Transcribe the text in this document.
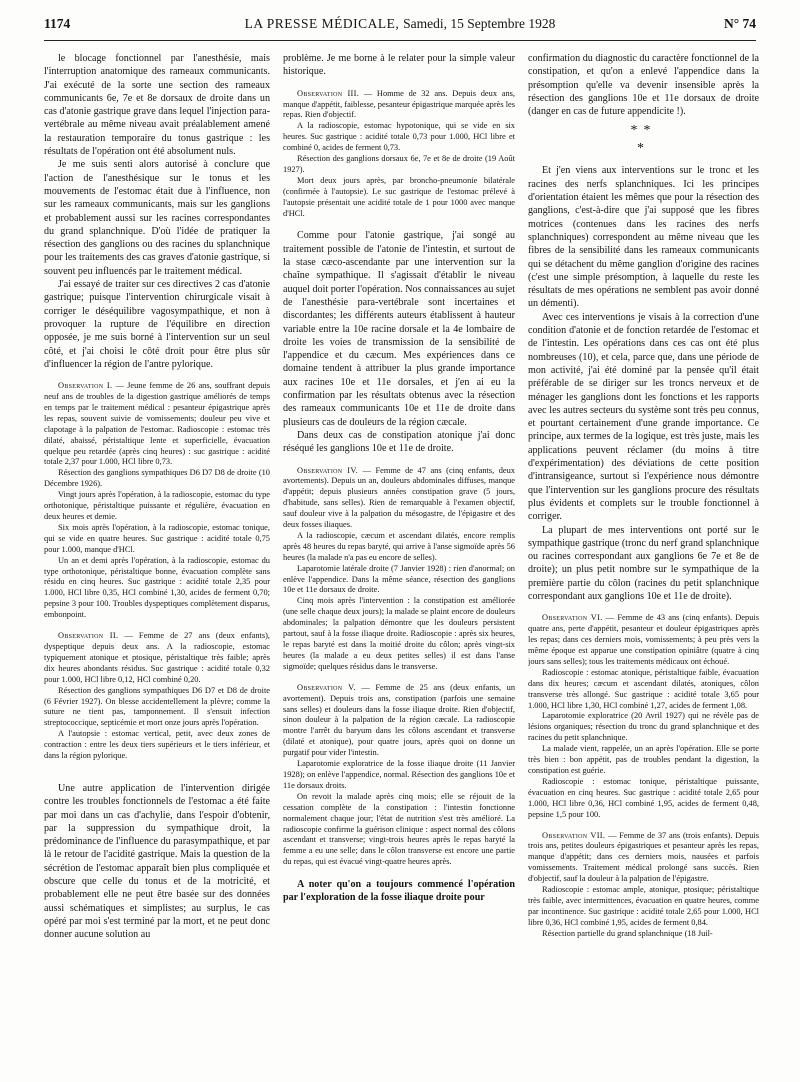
1174	LA PRESSE MÉDICALE, Samedi, 15 Septembre 1928	N° 74

le blocage fonctionnel par l'anesthésie, mais l'interruption anatomique des rameaux communicants. J'ai exécuté de la sorte une section des rameaux communicants 6e, 7e et 8e dorsaux de droite dans un cas d'atonie gastrique grave dans lequel l'injection para-vertébrale au même niveau avait préalablement amené la restauration temporaire du tonus gastrique : les résultats de l'opération ont été absolument nuls.

Je me suis senti alors autorisé à conclure que l'action de l'anesthésique sur le tonus et les mouvements de l'estomac était due à l'influence, non sur les rameaux communicants, mais sur les ganglions et probablement aussi sur les racines correspondantes du grand splanchnique. D'où l'idée de pratiquer la résection des ganglions ou des racines du splanchnique pour les traitements des cas graves d'atonie gastrique, si souvent peu influencés par le traitement médical.

J'ai essayé de traiter sur ces directives 2 cas d'atonie gastrique; puisque l'intervention chirurgicale visait à corriger le déséquilibre vagosympathique, et non à provoquer la rupture de l'équilibre en direction opposée, je me suis borné à l'intervention sur un seul côté, et j'ai choisi le côté droit pour être plus sûr d'influencer la région de l'antre pylorique.

Observation I. — Jeune femme de 26 ans, souffrant depuis neuf ans de troubles de la digestion gastrique améliorés de temps en temps par le traitement médical : pesanteur épigastrique après les repas, souvent suivie de vomissements; douleur peu vive et clapotage à la palpation de l'estomac. Radioscopie : estomac très dilaté, abaissé, péristaltique lente et superficielle, évacuation quelque peu retardée (après cinq heures) : suc gastrique : acidité totale 2,37 pour 1.000, HCl libre 0,73.

Résection des ganglions sympathiques D6 D7 D8 de droite (10 Décembre 1926).

Vingt jours après l'opération, à la radioscopie, estomac du type orthotonique, péristaltique puissante et régulière, évacuation en deux heures et demie.

Six mois après l'opération, à la radioscopie, estomac tonique, qui se vide en quatre heures. Suc gastrique : acidité totale 0,75 pour 1.000, manque d'HCl.

Un an et demi après l'opération, à la radioscopie, estomac du type orthotonique, péristaltique bonne, évacuation complète sans résidu en cinq heures. Suc gastrique : acidité totale 2,35 pour 1.000, HCl libre 0,35, HCl combiné 1,30, acides de ferment 0,70; pepsine 3 pour 100. Troubles dyspeptiques complètement disparus, embonpoint.

Observation II. — Femme de 27 ans (deux enfants), dyspeptique depuis deux ans. A la radioscopie, estomac typiquement atonique et ptosique, péristaltique très faible; après dix heures abondants résidus. Suc gastrique : acidité totale 0,32 pour 1.000, HCl libre 0,12, HCl combiné 0,20.

Résection des ganglions sympathiques D6 D7 et D8 de droite (6 Février 1927). On blesse accidentellement la plèvre; comme la suture ne tient pas, tamponnement. Il s'ensuit infection streptococcique, septicémie et mort onze jours après l'opération.

A l'autopsie : estomac vertical, petit, avec deux zones de contraction : entre les deux tiers supérieurs et le tiers inférieur, et dans la région pylorique.

Une autre application de l'intervention dirigée contre les troubles fonctionnels de l'estomac a été faite par moi dans un cas d'achylie, dans l'espoir d'obtenir, par la suppression du sympathique droit, la prédominance de l'influence du parasympathique, et par là le retour de l'acidité gastrique. Mais la question de la sécrétion de l'estomac apparaît bien plus compliquée et obscure que celle du tonus et de la motricité, et probablement elle ne peut être basée sur des données aussi schématiques et simplistes; au surplus, le cas opéré par moi s'est terminé par la mort, et ne peut donc donner aucune solution au

problème. Je me borne à le relater pour la simple valeur historique.

Observation III. — Homme de 32 ans. Depuis deux ans, manque d'appétit, faiblesse, pesanteur épigastrique marquée après les repas. Rien d'objectif.

A la radioscopie, estomac hypotonique, qui se vide en six heures. Suc gastrique : acidité totale 0,73 pour 1.000, HCl libre et combiné 0, acides de ferment 0,73.

Résection des ganglions dorsaux 6e, 7e et 8e de droite (19 Août 1927).

Mort deux jours après, par broncho-pneumonie bilatérale (confirmée à l'autopsie). Le suc gastrique de l'estomac prélevé à l'autopsie présentait une acidité totale de 1 pour 1000 avec manque d'HCl.

Comme pour l'atonie gastrique, j'ai songé au traitement possible de l'atonie de l'intestin, et surtout de la stase cæco-ascendante par une intervention sur la chaîne sympathique. Il s'agissait d'établir le niveau auquel doit porter l'opération. Nos connaissances au sujet de l'anesthésie para-vertébrale sont incertaines et discordantes; les différents auteurs établissent à hauteur variable entre la 10e racine dorsale et la 4e lombaire de droite les voies de transmission de la sensibilité de l'appendice et du cæcum. Mes expériences dans ce domaine tendent à attribuer la plus grande importance aux racines 10e et 11e dorsales, et j'en ai eu la confirmation par les résultats obtenus avec la résection des rameaux communicants 10e et 11e de droite dans plusieurs cas de douleurs de la région cæcale.

Dans deux cas de constipation atonique j'ai donc réséqué les ganglions 10e et 11e de droite.

Observation IV. — Femme de 47 ans (cinq enfants, deux avortements). Depuis un an, douleurs abdominales diffuses, manque d'appétit; depuis plusieurs années constipation grave (5 jours, d'habitude, sans selles). Rien de remarquable à l'examen objectif, sauf douleur vive à la palpation du mésogastre, de l'épigastre et des deux fosses iliaques.

A la radioscopie, cæcum et ascendant dilatés, encore remplis après 48 heures du repas baryté, qui arrive à l'anse sigmoïde après 56 heures (la malade n'a pas eu encore de selles).

Laparotomie latérale droite (7 Janvier 1928) : rien d'anormal; on enlève l'appendice. Dans la même séance, résection des ganglions 10e et 11e dorsaux de droite.

Cinq mois après l'intervention : la constipation est améliorée (une selle chaque deux jours); la malade se plaint encore de douleurs abdominales; la palpation démontre que les douleurs persistent partout, sauf à la fosse iliaque droite. Radioscopie : après six heures, le repas baryté est dans la moitié droite du côlon; après vingt-six heures (la malade a eu deux petites selles) il est dans l'anse sigmoïde; quelques résidus dans le transverse.

Observation V. — Femme de 25 ans (deux enfants, un avortement). Depuis trois ans, constipation (parfois une semaine sans selles) et douleurs dans la fosse iliaque droite. Rien d'objectif, sinon douleur à la palpation de la région cæcale. La radioscopie montre l'arrêt du baryum dans les côlons ascendant et transverse (dilaté et atonique), pour quatre jours, après quoi on donne un purgatif pour vider l'intestin.

Laparotomie exploratrice de la fosse iliaque droite (11 Janvier 1928); on enlève l'appendice, normal. Résection des ganglions 10e et 11e dorsaux droits.

On revoit la malade après cinq mois; elle se réjouit de la cessation complète de la constipation : l'intestin fonctionne normalement chaque jour; l'état de nutrition s'est très amélioré. La radioscopie confirme la guérison clinique : aspect normal des côlons ascendant et transverse; vingt-trois heures après le repas baryté la femme a eu une selle; dans le côlon transverse est encore une partie du repas, qui est évacué vingt-quatre heures après.

A noter qu'on a toujours commencé l'opération par l'exploration de la fosse iliaque droite pour

confirmation du diagnostic du caractère fonctionnel de la constipation, et qu'on a enlevé l'appendice dans la présomption qu'elle va devenir insensible après la résection des ganglions 10e et 11e dorsaux de droite (danger en cas de future appendicite !).

**
*

Et j'en viens aux interventions sur le tronc et les racines des nerfs splanchniques. Ici les principes d'orientation étaient les mêmes que pour la résection des ganglions, c'est-à-dire que j'ai supposé que les fibres motrices (contenues dans les racines des nerfs splanchniques) correspondent au même niveau que les fibres de la sensibilité dans les rameaux communicants qui se détachent du même ganglion d'origine des racines (c'est une simple présomption, à laquelle du reste les résultats de mes opérations ne semblent pas avoir donné un démenti).

Avec ces interventions je visais à la correction d'une condition d'atonie et de fonction retardée de l'estomac et de l'intestin. Les opérations dans ces cas ont été plus nombreuses (10), et cela, parce que, dans une période de mon activité, j'ai été dominé par la pensée qu'il était préférable de se diriger sur les troncs nerveux et de ménager les ganglions dont les fonctions et les rapports avec les autres secteurs du système sont très peu connus, et pourtant certainement d'une grande importance. Ce principe, aux termes de la logique, est très juste, mais les applications peuvent réclamer (du moins à titre d'expérimentation) des déviations de cette position d'intransigeance, surtout si l'expérience nous démontre que l'intervention sur les ganglions procure des résultats plus évidents et complets sur le trouble fonctionnel à corriger.

La plupart de mes interventions ont porté sur le sympathique gastrique (tronc du nerf grand splanchnique ou racines correspondant aux ganglions 6e 7e et 8e de droite); un plus petit nombre sur le sympathique de la première partie du côlon (racines du petit splanchnique correspondant aux ganglions 10e et 11e de droite).

Observation VI. — Femme de 43 ans (cinq enfants). Depuis quatre ans, perte d'appétit, pesanteur et douleur épigastriques après les repas; dans ces derniers mois, vomissements; à peu près vers la même époque est apparue une constipation opiniâtre (quatre à cinq jours sans selles); tous les traitements médicaux ont échoué.

Radioscopie : estomac atonique, péristaltique faible, évacuation dans dix heures; cæcum et ascendant dilatés, atoniques, côlon transverse très allongé. Suc gastrique : acidité totale 3,65 pour 1.000, HCl libre 1,30, HCl combiné 1,27, acides de ferment 1,08.

Laparotomie exploratrice (20 Avril 1927) qui ne révèle pas de lésions organiques; résection du tronc du grand splanchnique et des racines du petit splanchnique.

La malade vient, rappelée, un an après l'opération. Elle se porte très bien : bon appétit, pas de troubles pendant la digestion, la constipation est guérie.

Radioscopie : estomac tonique, péristaltique puissante, évacuation en cinq heures. Suc gastrique : acidité totale 2,65 pour 1.000, HCl libre 0,36, HCl combiné 1,95, acides de ferment 0,48, pepsine 1,5 pour 100.

Observation VII. — Femme de 37 ans (trois enfants). Depuis trois ans, petites douleurs épigastriques et pesanteur après les repas, manque d'appétit; dans ces derniers mois, nausées et parfois vomissements. Traitement médical prolongé sans succès. Rien d'objectif, sauf la douleur à la palpation de l'épigastre.

Radioscopie : estomac ample, atonique, ptosique; péristaltique très faible, avec intermittences, évacuation en quatre heures, comme par incontinence. Suc gastrique : acidité totale 2,65 pour 1.000, HCl libre 0,36, HCl combiné 1,95, acides de ferment 0,84.

Résection partielle du grand splanchnique (18 Juil-
